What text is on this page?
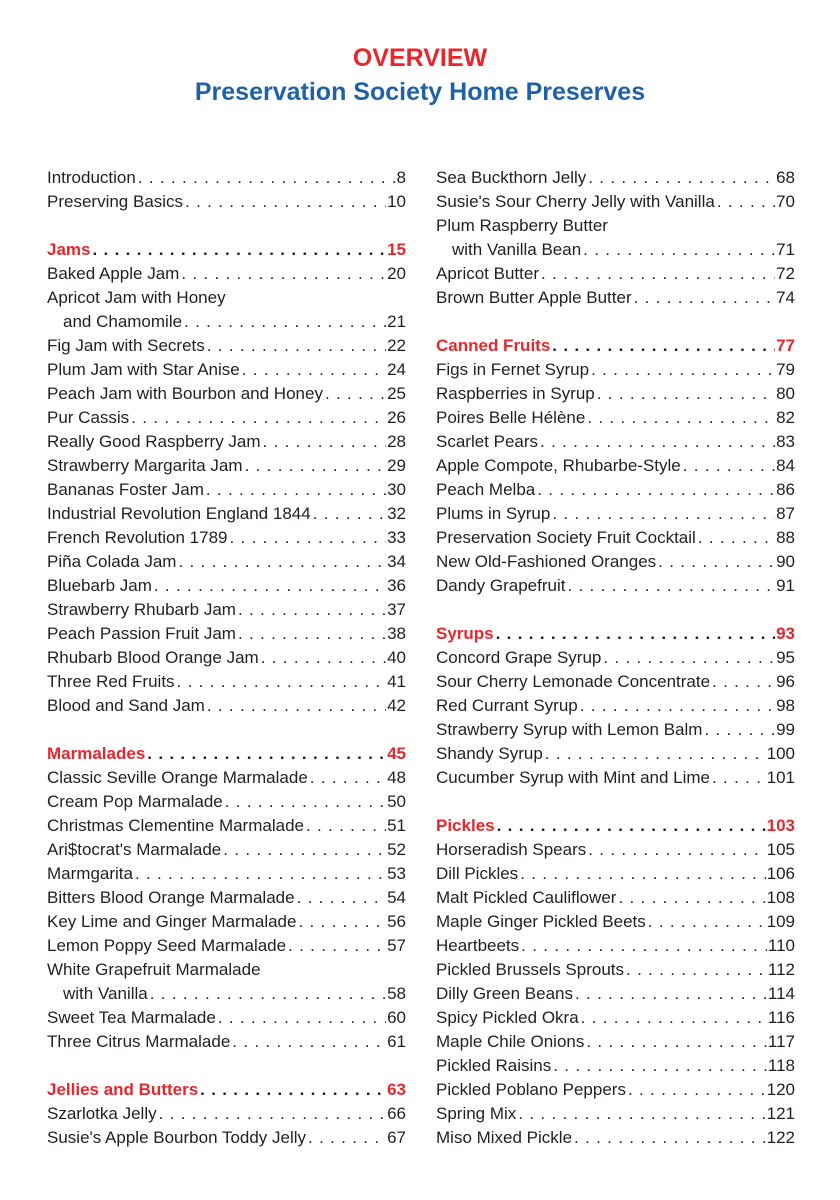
OVERVIEW
Preservation Society Home Preserves
Introduction . . .	8
Preserving Basics . . .	10
Jams . . .	15
Baked Apple Jam . . .	20
Apricot Jam with Honey
and Chamomile . . .	21
Fig Jam with Secrets . . .	22
Plum Jam with Star Anise . . .	24
Peach Jam with Bourbon and Honey . . .	25
Pur Cassis . . .	26
Really Good Raspberry Jam . . .	28
Strawberry Margarita Jam . . .	29
Bananas Foster Jam . . .	30
Industrial Revolution England 1844 . . .	32
French Revolution 1789 . . .	33
Piña Colada Jam . . .	34
Bluebarb Jam . . .	36
Strawberry Rhubarb Jam . . .	37
Peach Passion Fruit Jam . . .	38
Rhubarb Blood Orange Jam . . .	40
Three Red Fruits . . .	41
Blood and Sand Jam . . .	42
Marmalades . . .	45
Classic Seville Orange Marmalade . . .	48
Cream Pop Marmalade . . .	50
Christmas Clementine Marmalade . . .	51
Ari$tocrat's Marmalade . . .	52
Marmgarita . . .	53
Bitters Blood Orange Marmalade . . .	54
Key Lime and Ginger Marmalade . . .	56
Lemon Poppy Seed Marmalade . . .	57
White Grapefruit Marmalade
with Vanilla . . .	58
Sweet Tea Marmalade . . .	60
Three Citrus Marmalade . . .	61
Jellies and Butters . . .	63
Szarlotka Jelly . . .	66
Susie's Apple Bourbon Toddy Jelly . . .	67
Sea Buckthorn Jelly . . .	68
Susie's Sour Cherry Jelly with Vanilla . . .	70
Plum Raspberry Butter
with Vanilla Bean . . .	71
Apricot Butter . . .	72
Brown Butter Apple Butter . . .	74
Canned Fruits . . .	77
Figs in Fernet Syrup . . .	79
Raspberries in Syrup . . .	80
Poires Belle Hélène . . .	82
Scarlet Pears . . .	83
Apple Compote, Rhubarbe-Style . . .	84
Peach Melba . . .	86
Plums in Syrup . . .	87
Preservation Society Fruit Cocktail . . .	88
New Old-Fashioned Oranges . . .	90
Dandy Grapefruit . . .	91
Syrups . . .	93
Concord Grape Syrup . . .	95
Sour Cherry Lemonade Concentrate . . .	96
Red Currant Syrup . . .	98
Strawberry Syrup with Lemon Balm . . .	99
Shandy Syrup . . .	100
Cucumber Syrup with Mint and Lime . . .	101
Pickles . . .	103
Horseradish Spears . . .	105
Dill Pickles . . .	106
Malt Pickled Cauliflower . . .	108
Maple Ginger Pickled Beets . . .	109
Heartbeets . . .	110
Pickled Brussels Sprouts . . .	112
Dilly Green Beans . . .	114
Spicy Pickled Okra . . .	116
Maple Chile Onions . . .	117
Pickled Raisins . . .	118
Pickled Poblano Peppers . . .	120
Spring Mix . . .	121
Miso Mixed Pickle . . .	122
